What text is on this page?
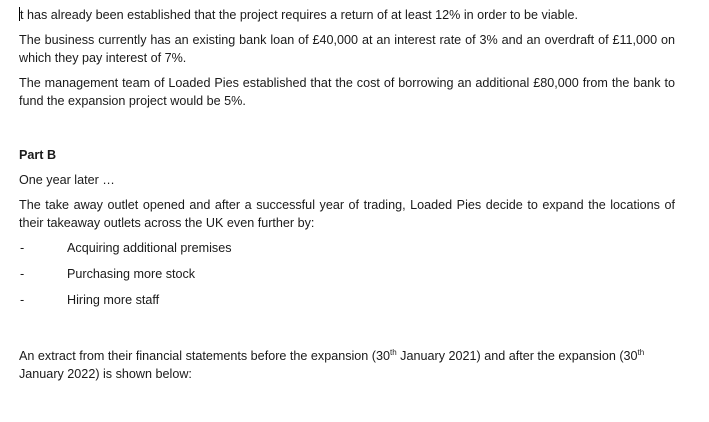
t has already been established that the project requires a return of at least 12% in order to be viable.

The business currently has an existing bank loan of £40,000 at an interest rate of 3% and an overdraft of £11,000 on which they pay interest of 7%.

The management team of Loaded Pies established that the cost of borrowing an additional £80,000 from the bank to fund the expansion project would be 5%.

Part B

One year later …

The take away outlet opened and after a successful year of trading, Loaded Pies decide to expand the locations of their takeaway outlets across the UK even further by:

-	Acquiring additional premises
-	Purchasing more stock
-	Hiring more staff

An extract from their financial statements before the expansion (30th January 2021) and after the expansion (30th January 2022) is shown below:
